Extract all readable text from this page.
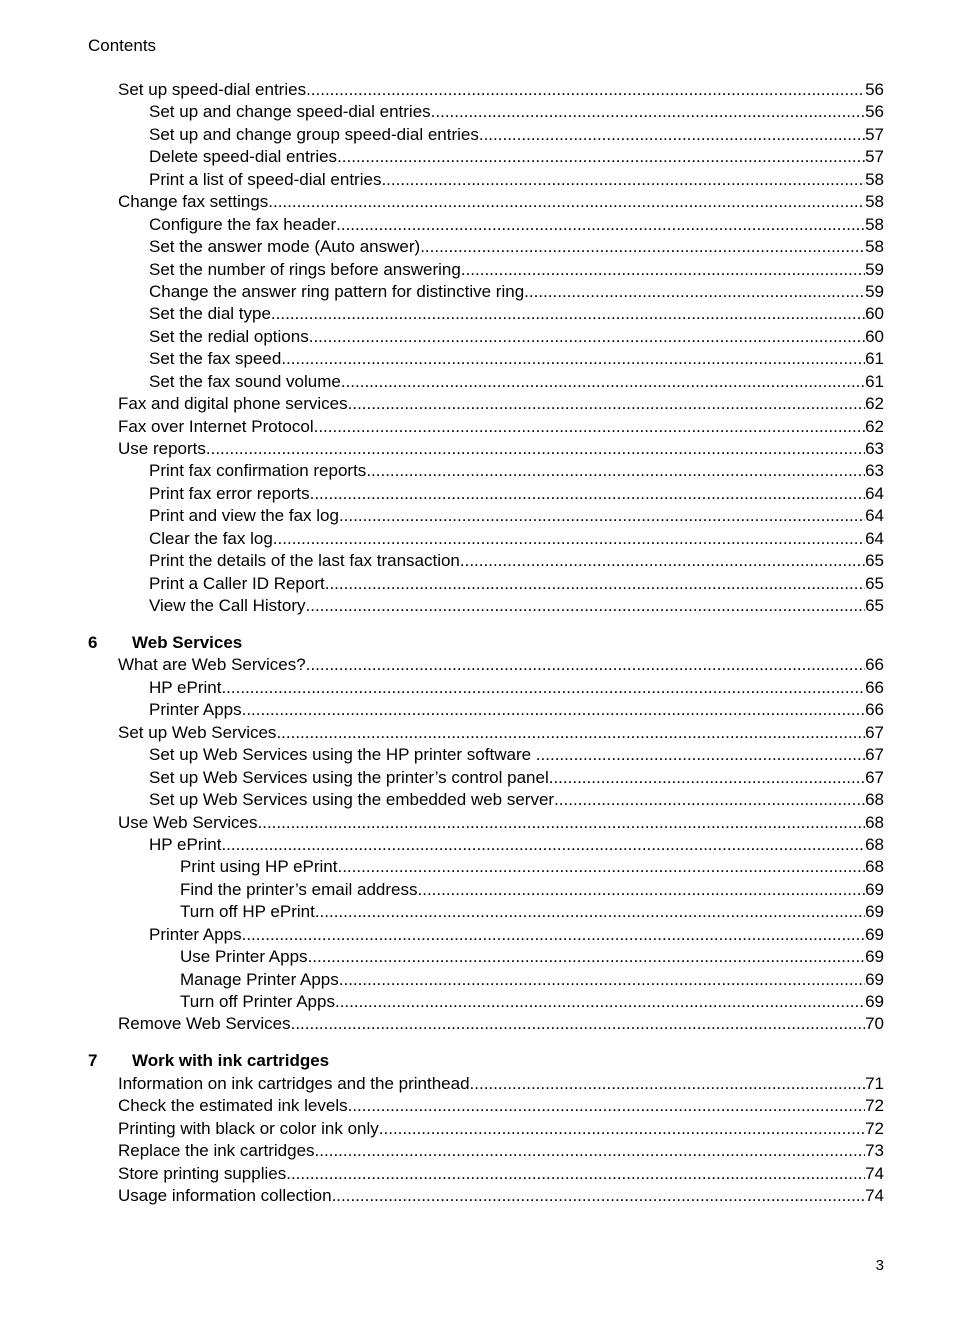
Contents
Set up speed-dial entries .....	56
Set up and change speed-dial entries .....	56
Set up and change group speed-dial entries .....	57
Delete speed-dial entries .....	57
Print a list of speed-dial entries .....	58
Change fax settings .....	58
Configure the fax header .....	58
Set the answer mode (Auto answer) .....	58
Set the number of rings before answering .....	59
Change the answer ring pattern for distinctive ring .....	59
Set the dial type .....	60
Set the redial options .....	60
Set the fax speed .....	61
Set the fax sound volume .....	61
Fax and digital phone services .....	62
Fax over Internet Protocol .....	62
Use reports .....	63
Print fax confirmation reports .....	63
Print fax error reports .....	64
Print and view the fax log .....	64
Clear the fax log .....	64
Print the details of the last fax transaction .....	65
Print a Caller ID Report .....	65
View the Call History .....	65
6 Web Services
What are Web Services? .....	66
HP ePrint .....	66
Printer Apps .....	66
Set up Web Services .....	67
Set up Web Services using the HP printer software .....	67
Set up Web Services using the printer’s control panel .....	67
Set up Web Services using the embedded web server .....	68
Use Web Services .....	68
HP ePrint .....	68
Print using HP ePrint .....	68
Find the printer’s email address .....	69
Turn off HP ePrint .....	69
Printer Apps .....	69
Use Printer Apps .....	69
Manage Printer Apps .....	69
Turn off Printer Apps .....	69
Remove Web Services .....	70
7 Work with ink cartridges
Information on ink cartridges and the printhead .....	71
Check the estimated ink levels .....	72
Printing with black or color ink only .....	72
Replace the ink cartridges .....	73
Store printing supplies .....	74
Usage information collection .....	74
3
